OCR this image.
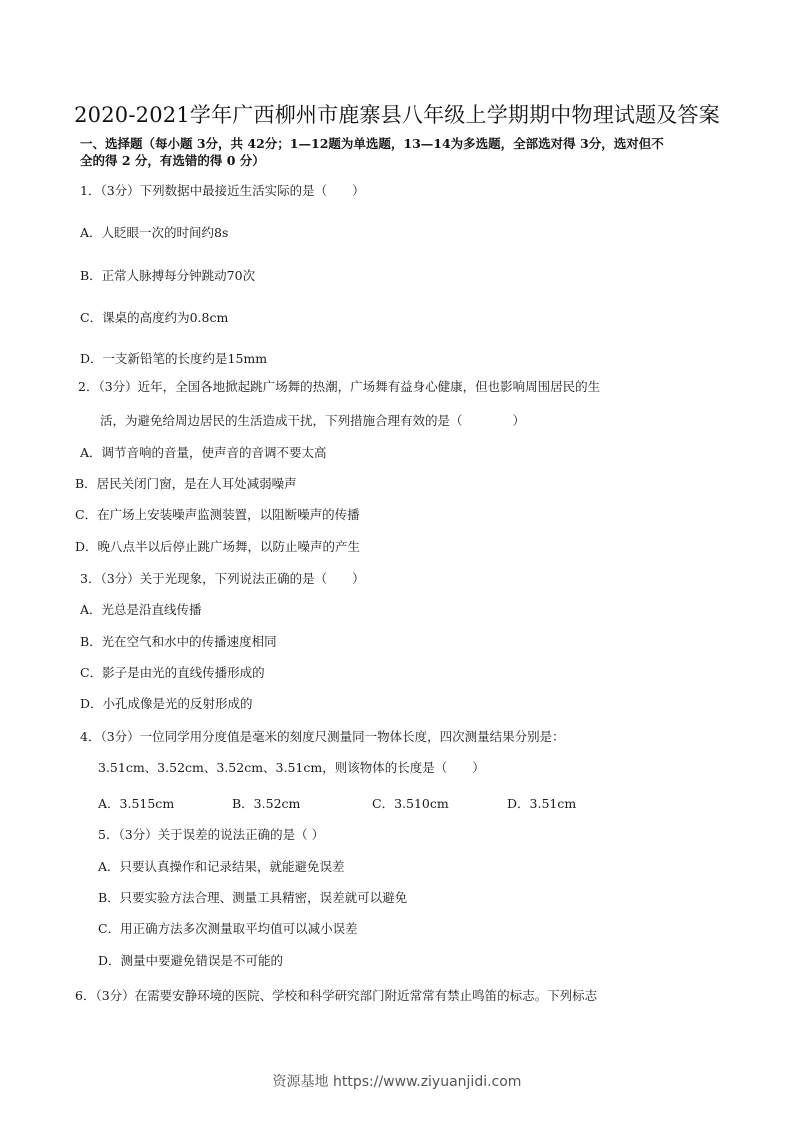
2020-2021学年广西柳州市鹿寨县八年级上学期期中物理试题及答案
一、选择题（每小题 3分，共 42分；1—12题为单选题，13—14为多选题，全部选对得 3分，选对但不
全的得 2 分，有选错的得 0 分）
1．（3分）下列数据中最接近生活实际的是（　　）
A．人眨眼一次的时间约8s
B．正常人脉搏每分钟跳动70次
C．课桌的高度约为0.8cm
D．一支新铅笔的长度约是15mm
2．（3分）近年，全国各地掀起跳广场舞的热潮，广场舞有益身心健康，但也影响周围居民的生
活，为避免给周边居民的生活造成干扰，下列措施合理有效的是（　　　　）
A．调节音响的音量，使声音的音调不要太高
B．居民关闭门窗，是在人耳处减弱噪声
C．在广场上安装噪声监测装置，以阻断噪声的传播
D．晚八点半以后停止跳广场舞，以防止噪声的产生
3．（3分）关于光现象，下列说法正确的是（　　）
A．光总是沿直线传播
B．光在空气和水中的传播速度相同
C．影子是由光的直线传播形成的
D．小孔成像是光的反射形成的
4．（3分）一位同学用分度值是毫米的刻度尺测量同一物体长度，四次测量结果分别是：
3.51cm、3.52cm、3.52cm、3.51cm，则该物体的长度是（　　）
A．3.515cm	B．3.52cm	C．3.510cm	D．3.51cm
5．（3分）关于误差的说法正确的是（ ）
A．只要认真操作和记录结果，就能避免误差
B．只要实验方法合理、测量工具精密，误差就可以避免
C．用正确方法多次测量取平均值可以减小误差
D．测量中要避免错误是不可能的
6．（3分）在需要安静环境的医院、学校和科学研究部门附近常常有禁止鸣笛的标志。下列标志
资源基地 https://www.ziyuanjidi.com
